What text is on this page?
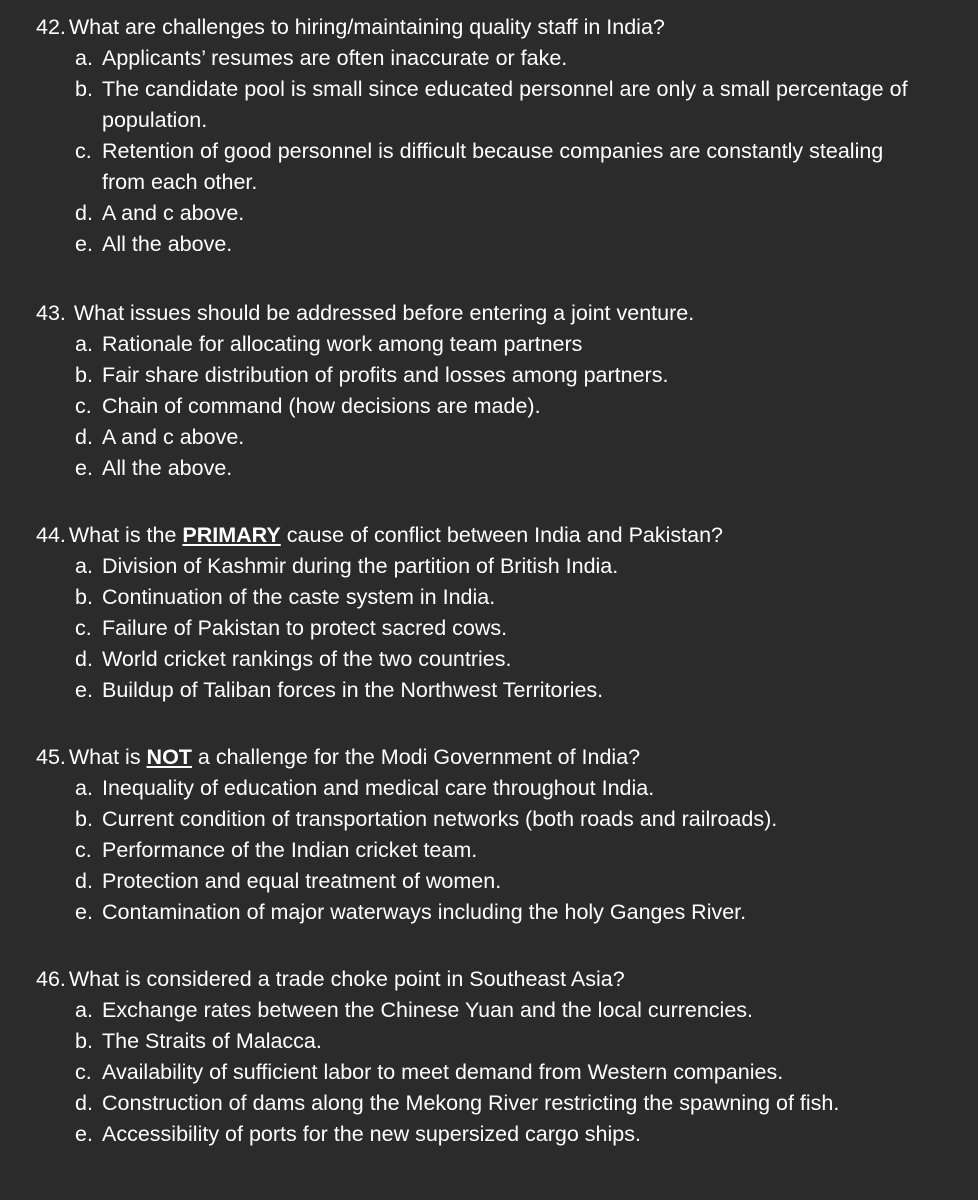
42. What are challenges to hiring/maintaining quality staff in India?
a. Applicants’ resumes are often inaccurate or fake.
b. The candidate pool is small since educated personnel are only a small percentage of population.
c. Retention of good personnel is difficult because companies are constantly stealing from each other.
d. A and c above.
e. All the above.
43. What issues should be addressed before entering a joint venture.
a. Rationale for allocating work among team partners
b. Fair share distribution of profits and losses among partners.
c. Chain of command (how decisions are made).
d. A and c above.
e. All the above.
44. What is the PRIMARY cause of conflict between India and Pakistan?
a. Division of Kashmir during the partition of British India.
b. Continuation of the caste system in India.
c. Failure of Pakistan to protect sacred cows.
d. World cricket rankings of the two countries.
e. Buildup of Taliban forces in the Northwest Territories.
45. What is NOT a challenge for the Modi Government of India?
a. Inequality of education and medical care throughout India.
b. Current condition of transportation networks (both roads and railroads).
c. Performance of the Indian cricket team.
d. Protection and equal treatment of women.
e. Contamination of major waterways including the holy Ganges River.
46. What is considered a trade choke point in Southeast Asia?
a. Exchange rates between the Chinese Yuan and the local currencies.
b. The Straits of Malacca.
c. Availability of sufficient labor to meet demand from Western companies.
d. Construction of dams along the Mekong River restricting the spawning of fish.
e. Accessibility of ports for the new supersized cargo ships.
